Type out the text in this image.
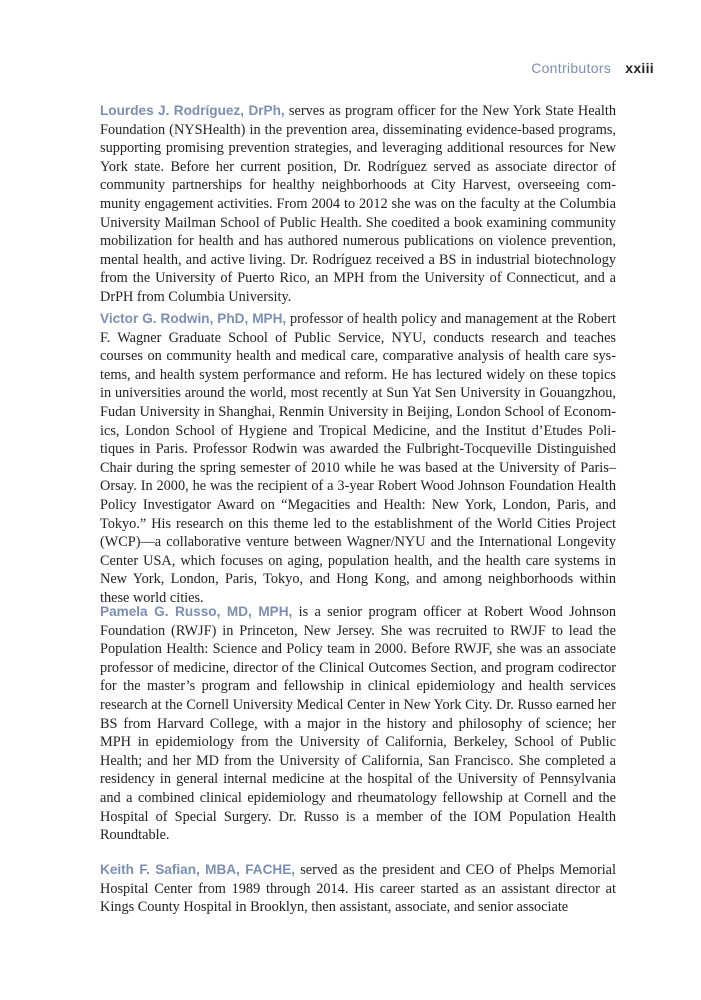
Contributors xxiii

Lourdes J. Rodríguez, DrPh, serves as program officer for the New York State Health Foundation (NYSHealth) in the prevention area, disseminating evidence-based programs, supporting promising prevention strategies, and leveraging additional resources for New York state. Before her current position, Dr. Rodríguez served as associate director of community partnerships for healthy neighborhoods at City Harvest, overseeing community engagement activities. From 2004 to 2012 she was on the faculty at the Columbia University Mailman School of Public Health. She coedited a book examining community mobilization for health and has authored numerous publications on violence prevention, mental health, and active living. Dr. Rodríguez received a BS in industrial biotechnology from the University of Puerto Rico, an MPH from the University of Connecticut, and a DrPH from Columbia University.

Victor G. Rodwin, PhD, MPH, professor of health policy and management at the Robert F. Wagner Graduate School of Public Service, NYU, conducts research and teaches courses on community health and medical care, comparative analysis of health care systems, and health system performance and reform. He has lectured widely on these topics in universities around the world, most recently at Sun Yat Sen University in Gouangzhou, Fudan University in Shanghai, Renmin University in Beijing, London School of Economics, London School of Hygiene and Tropical Medicine, and the Institut d’Etudes Politiques in Paris. Professor Rodwin was awarded the Fulbright-Tocqueville Distinguished Chair during the spring semester of 2010 while he was based at the University of Paris–Orsay. In 2000, he was the recipient of a 3-year Robert Wood Johnson Foundation Health Policy Investigator Award on “Megacities and Health: New York, London, Paris, and Tokyo.” His research on this theme led to the establishment of the World Cities Project (WCP)—a collaborative venture between Wagner/NYU and the International Longevity Center USA, which focuses on aging, population health, and the health care systems in New York, London, Paris, Tokyo, and Hong Kong, and among neighborhoods within these world cities.

Pamela G. Russo, MD, MPH, is a senior program officer at Robert Wood Johnson Foundation (RWJF) in Princeton, New Jersey. She was recruited to RWJF to lead the Population Health: Science and Policy team in 2000. Before RWJF, she was an associate professor of medicine, director of the Clinical Outcomes Section, and program codirector for the master’s program and fellowship in clinical epidemiology and health services research at the Cornell University Medical Center in New York City. Dr. Russo earned her BS from Harvard College, with a major in the history and philosophy of science; her MPH in epidemiology from the University of California, Berkeley, School of Public Health; and her MD from the University of California, San Francisco. She completed a residency in general internal medicine at the hospital of the University of Pennsylvania and a combined clinical epidemiology and rheumatology fellowship at Cornell and the Hospital of Special Surgery. Dr. Russo is a member of the IOM Population Health Roundtable.

Keith F. Safian, MBA, FACHE, served as the president and CEO of Phelps Memorial Hospital Center from 1989 through 2014. His career started as an assistant director at Kings County Hospital in Brooklyn, then assistant, associate, and senior associate
